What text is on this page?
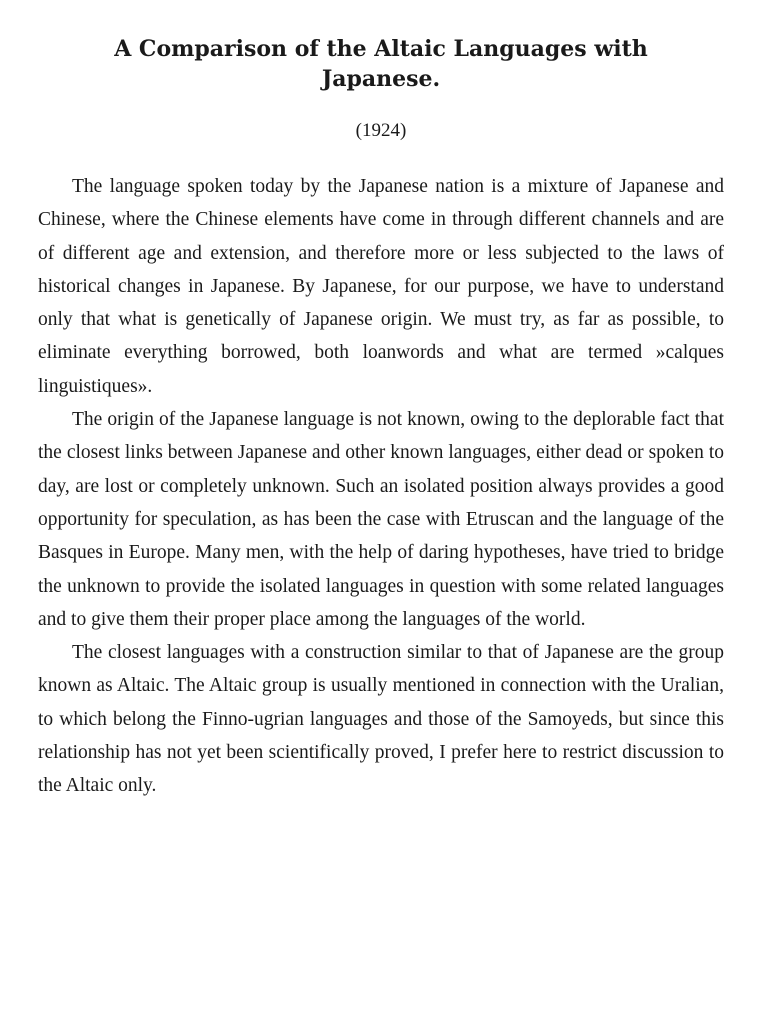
A Comparison of the Altaic Languages with Japanese.

(1924)

The language spoken today by the Japanese nation is a mixture of Japanese and Chinese, where the Chinese elements have come in through different channels and are of different age and extension, and therefore more or less subjected to the laws of historical changes in Japanese. By Japanese, for our purpose, we have to understand only that what is genetically of Japanese origin. We must try, as far as possible, to eliminate everything borrowed, both loanwords and what are termed »calques linguistiques».

The origin of the Japanese language is not known, owing to the deplorable fact that the closest links between Japanese and other known languages, either dead or spoken to day, are lost or completely unknown. Such an isolated position always provides a good opportunity for speculation, as has been the case with Etruscan and the language of the Basques in Europe. Many men, with the help of daring hypotheses, have tried to bridge the unknown to provide the isolated languages in question with some related languages and to give them their proper place among the languages of the world.

The closest languages with a construction similar to that of Japanese are the group known as Altaic. The Altaic group is usually mentioned in connection with the Uralian, to which belong the Finno-ugrian languages and those of the Samoyeds, but since this relationship has not yet been scientifically proved, I prefer here to restrict discussion to the Altaic only.
